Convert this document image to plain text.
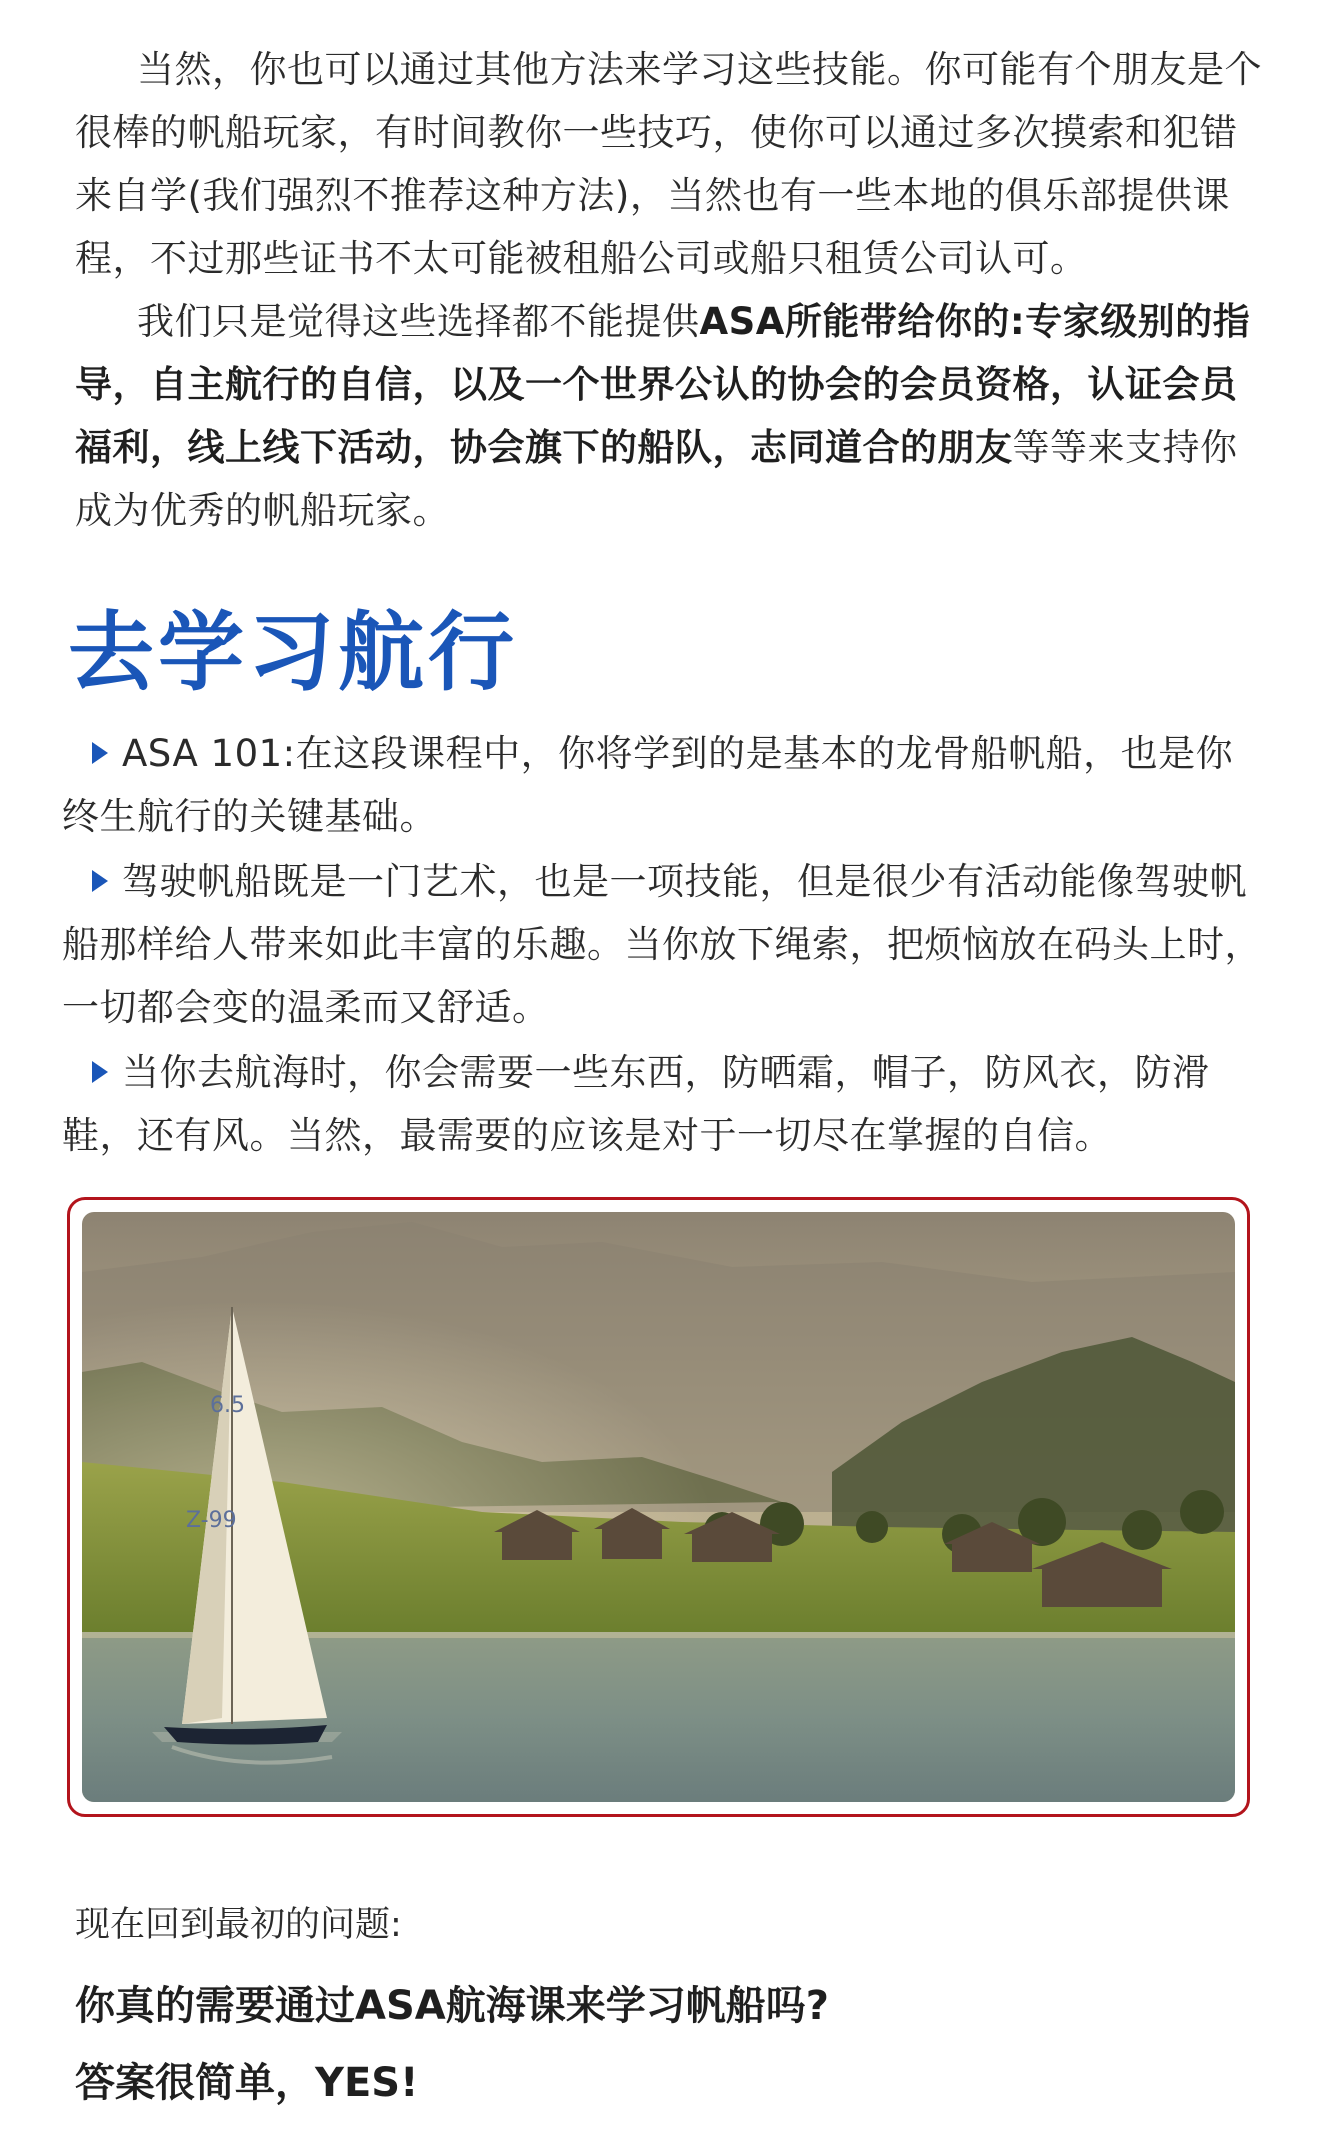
当然，你也可以通过其他方法来学习这些技能。你可能有个朋友是个很棒的帆船玩家，有时间教你一些技巧，使你可以通过多次摸索和犯错来自学(我们强烈不推荐这种方法)，当然也有一些本地的俱乐部提供课程，不过那些证书不太可能被租船公司或船只租赁公司认可。

我们只是觉得这些选择都不能提供ASA所能带给你的:专家级别的指导，自主航行的自信，以及一个世界公认的协会的会员资格，认证会员福利，线上线下活动，协会旗下的船队，志同道合的朋友等等来支持你成为优秀的帆船玩家。

去学习航行

ASA 101:在这段课程中，你将学到的是基本的龙骨船帆船，也是你终生航行的关键基础。

驾驶帆船既是一门艺术，也是一项技能，但是很少有活动能像驾驶帆船那样给人带来如此丰富的乐趣。当你放下绳索，把烦恼放在码头上时，一切都会变的温柔而又舒适。

当你去航海时，你会需要一些东西，防晒霜，帽子，防风衣，防滑鞋，还有风。当然，最需要的应该是对于一切尽在掌握的自信。

6.5
Z-99

现在回到最初的问题:

你真的需要通过ASA航海课来学习帆船吗?

答案很简单，YES!
